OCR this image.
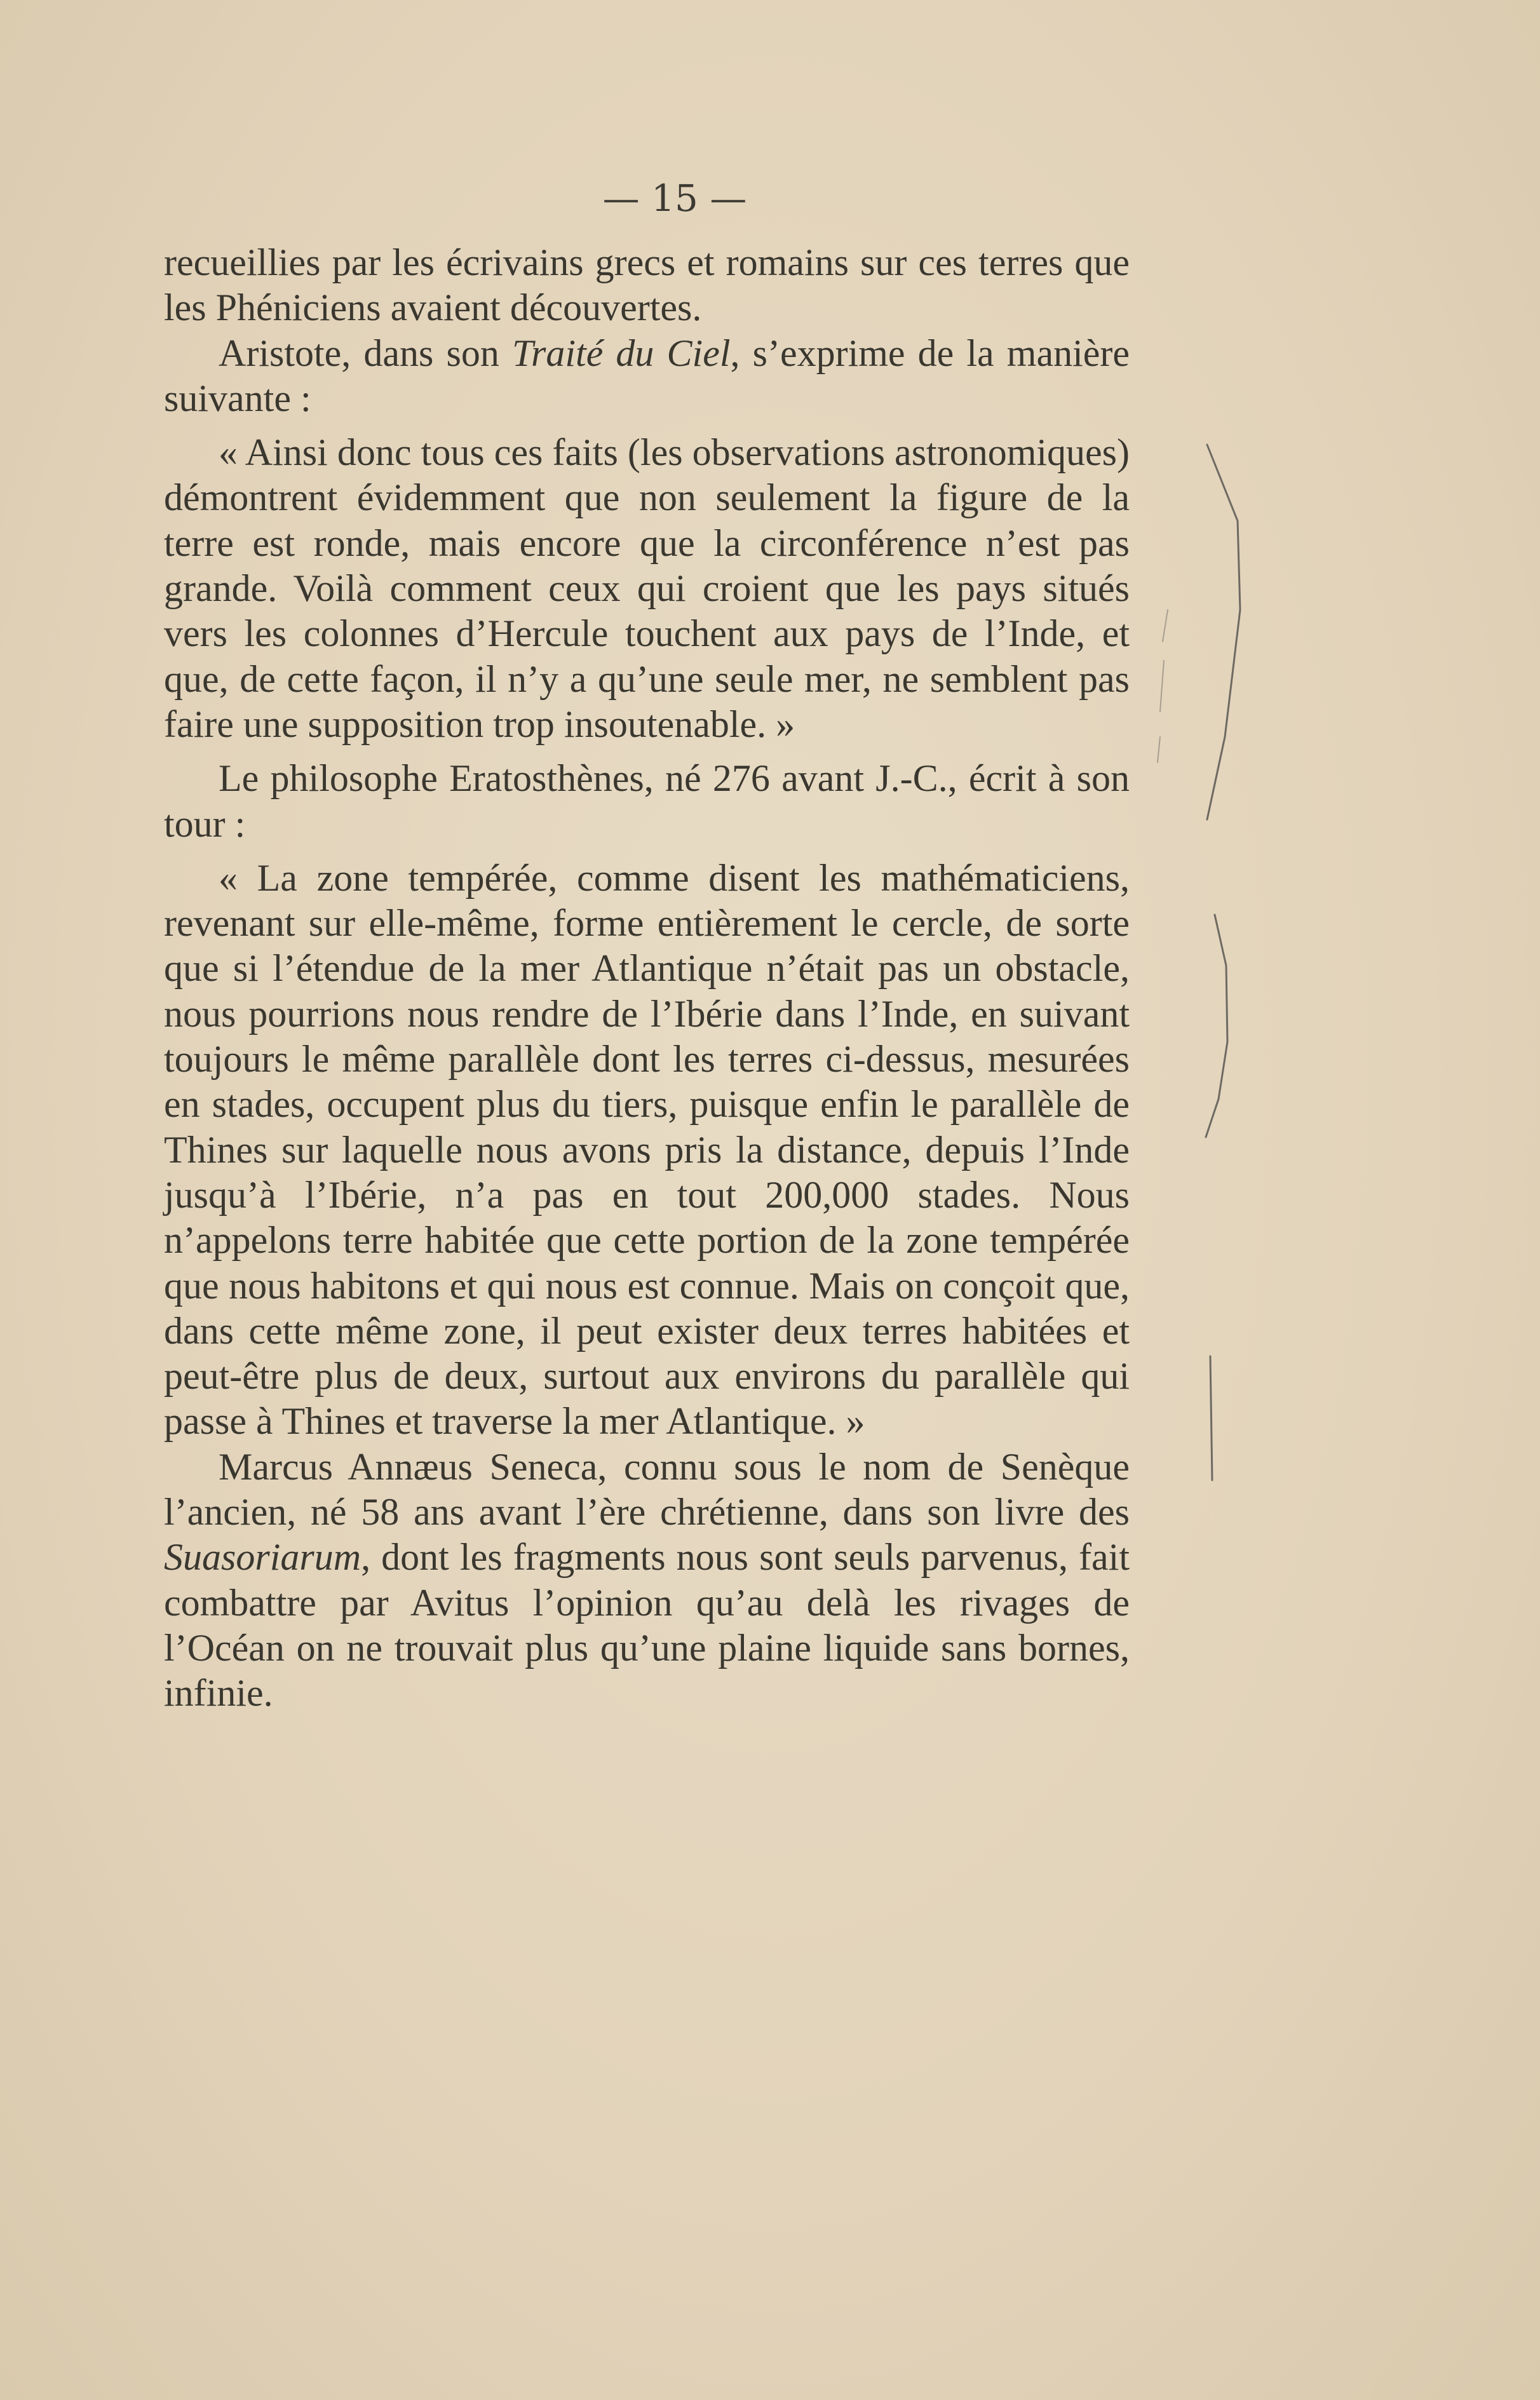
— 15 —

recueillies par les écrivains grecs et romains sur ces terres que les Phéniciens avaient découvertes.

Aristote, dans son Traité du Ciel, s’exprime de la manière suivante :

« Ainsi donc tous ces faits (les observations astronomiques) démontrent évidemment que non seulement la figure de la terre est ronde, mais encore que la circonférence n’est pas grande. Voilà comment ceux qui croient que les pays situés vers les colonnes d’Hercule touchent aux pays de l’Inde, et que, de cette façon, il n’y a qu’une seule mer, ne semblent pas faire une supposition trop insoutenable. »

Le philosophe Eratosthènes, né 276 avant J.-C., écrit à son tour :

« La zone tempérée, comme disent les mathématiciens, revenant sur elle-même, forme entièrement le cercle, de sorte que si l’étendue de la mer Atlantique n’était pas un obstacle, nous pourrions nous rendre de l’Ibérie dans l’Inde, en suivant toujours le même parallèle dont les terres ci-dessus, mesurées en stades, occupent plus du tiers, puisque enfin le parallèle de Thines sur laquelle nous avons pris la distance, depuis l’Inde jusqu’à l’Ibérie, n’a pas en tout 200,000 stades. Nous n’appelons terre habitée que cette portion de la zone tempérée que nous habitons et qui nous est connue. Mais on conçoit que, dans cette même zone, il peut exister deux terres habitées et peut-être plus de deux, surtout aux environs du parallèle qui passe à Thines et traverse la mer Atlantique. »

Marcus Annæus Seneca, connu sous le nom de Senèque l’ancien, né 58 ans avant l’ère chrétienne, dans son livre des Suasoriarum, dont les fragments nous sont seuls parvenus, fait combattre par Avitus l’opinion qu’au delà les rivages de l’Océan on ne trouvait plus qu’une plaine liquide sans bornes, infinie.
